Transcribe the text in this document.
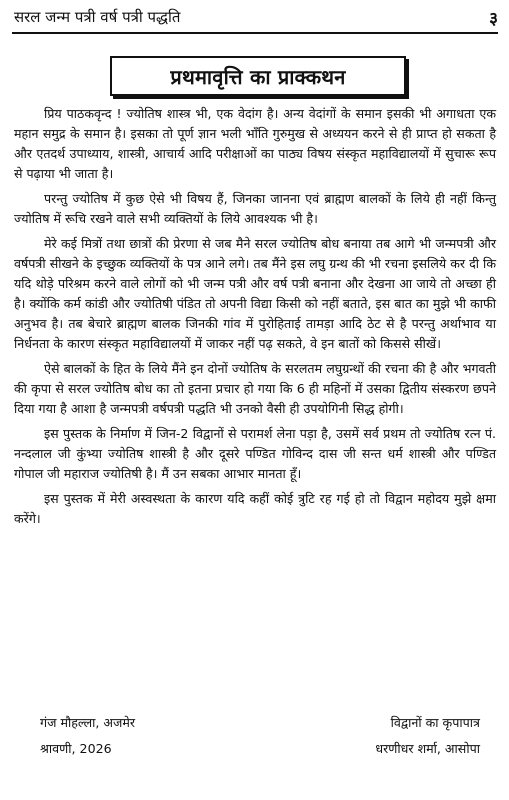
सरल जन्म पत्री वर्ष पत्री पद्धति	३
प्रथमावृत्ति का प्राक्कथन

प्रिय पाठकवृन्द ! ज्योतिष शास्त्र भी, एक वेदांग है। अन्य वेदांगों के समान इसकी भी अगाधता एक महान समुद्र के समान है। इसका तो पूर्ण ज्ञान भली भाँति गुरुमुख से अध्ययन करने से ही प्राप्त हो सकता है और एतदर्थ उपाध्याय, शास्त्री, आचार्य आदि परीक्षाओं का पाठ्य विषय संस्कृत महाविद्यालयों में सुचारू रूप से पढ़ाया भी जाता है।

परन्तु ज्योतिष में कुछ ऐसे भी विषय हैं, जिनका जानना एवं ब्राह्मण बालकों के लिये ही नहीं किन्तु ज्योतिष में रूचि रखने वाले सभी व्यक्तियों के लिये आवश्यक भी है।

मेरे कई मित्रों तथा छात्रों की प्रेरणा से जब मैने सरल ज्योतिष बोध बनाया तब आगे भी जन्मपत्री और वर्षपत्री सीखने के इच्छुक व्यक्तियों के पत्र आने लगे। तब मैंने इस लघु ग्रन्थ की भी रचना इसलिये कर दी कि यदि थोड़े परिश्रम करने वाले लोगों को भी जन्म पत्री और वर्ष पत्री बनाना और देखना आ जाये तो अच्छा ही है। क्योंकि कर्म कांडी और ज्योतिषी पंडित तो अपनी विद्या किसी को नहीं बताते, इस बात का मुझे भी काफी अनुभव है। तब बेचारे ब्राह्मण बालक जिनकी गांव में पुरोहिताई तामड़ा आदि ठेट से है परन्तु अर्थाभाव या निर्धनता के कारण संस्कृत महाविद्यालयों में जाकर नहीं पढ़ सकते, वे इन बातों को किससे सीखें।

ऐसे बालकों के हित के लिये मैंने इन दोनों ज्योतिष के सरलतम लघुग्रन्थों की रचना की है और भगवती की कृपा से सरल ज्योतिष बोध का तो इतना प्रचार हो गया कि 6 ही महिनों में उसका द्वितीय संस्करण छपने दिया गया है आशा है जन्मपत्री वर्षपत्री पद्धति भी उनको वैसी ही उपयोगिनी सिद्ध होगी।

इस पुस्तक के निर्माण में जिन-2 विद्वानों से परामर्श लेना पड़ा है, उसमें सर्व प्रथम तो ज्योतिष रत्न पं. नन्दलाल जी कुंभ्या ज्योतिष शास्त्री है और दूसरे पण्डित गोविन्द दास जी सन्त धर्म शास्त्री और पण्डित गोपाल जी महाराज ज्योतिषी है। मैं उन सबका आभार मानता हूँ।

इस पुस्तक में मेरी अस्वस्थता के कारण यदि कहीं कोई त्रुटि रह गई हो तो विद्वान महोदय मुझे क्षमा करेंगे।

गंज मौहल्ला, अजमेर	विद्वानों का कृपापात्र
श्रावणी, 2026	धरणीधर शर्मा, आसोपा
